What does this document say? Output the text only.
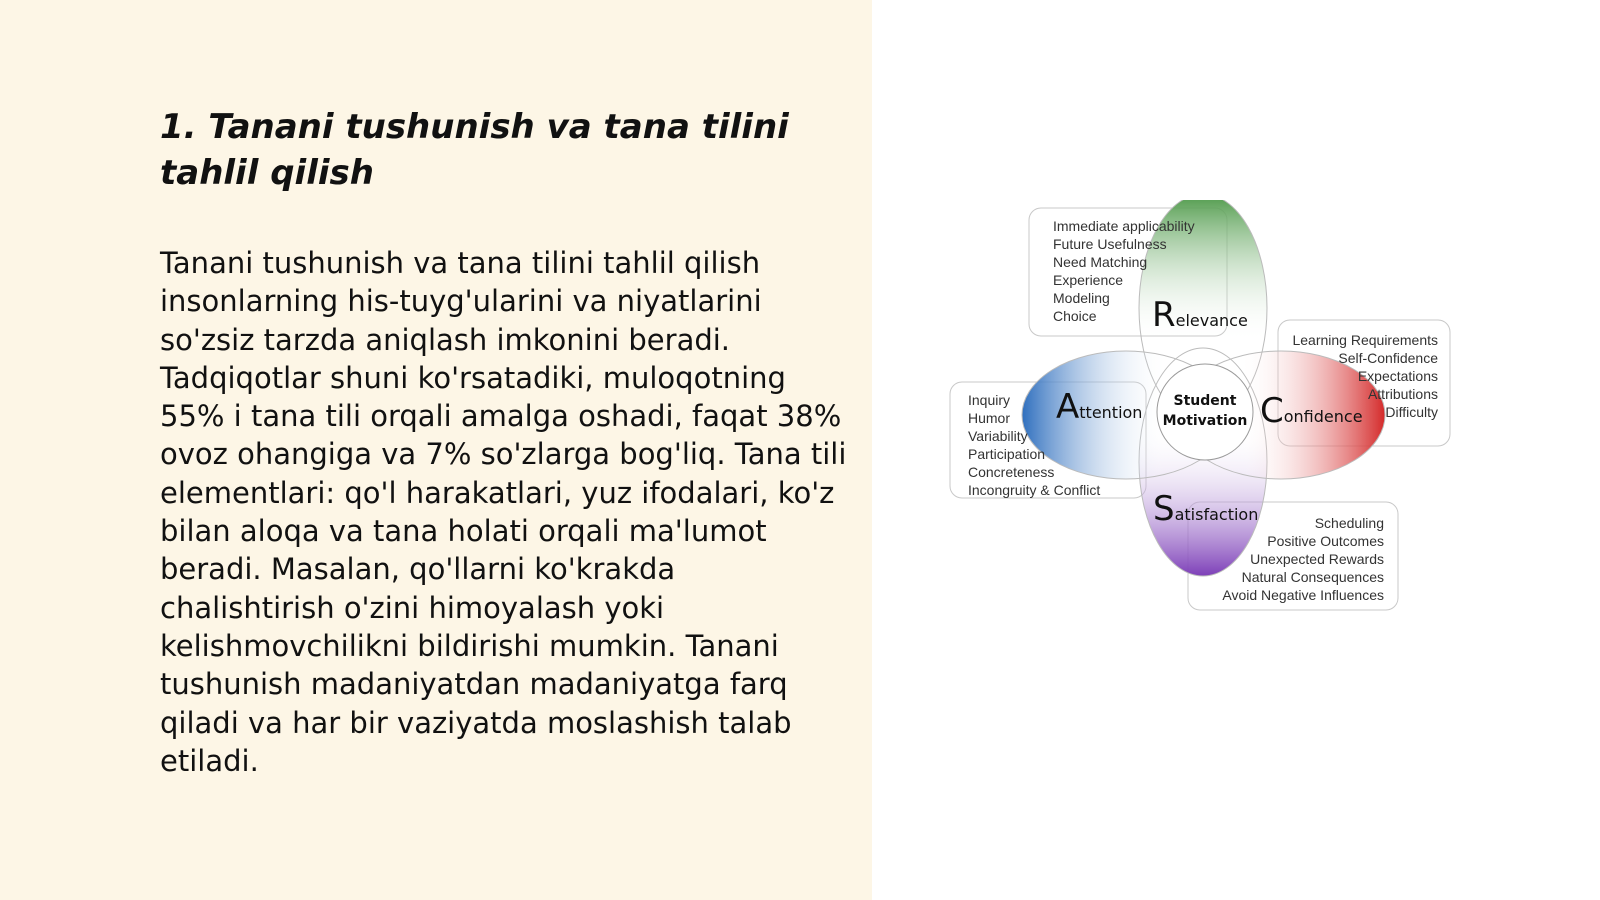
1. Tanani tushunish va tana tilini tahlil qilish

Tanani tushunish va tana tilini tahlil qilish insonlarning his-tuyg'ularini va niyatlarini so'zsiz tarzda aniqlash imkonini beradi. Tadqiqotlar shuni ko'rsatadiki, muloqotning 55% i tana tili orqali amalga oshadi, faqat 38% ovoz ohangiga va 7% so'zlarga bog'liq. Tana tili elementlari: qo'l harakatlari, yuz ifodalari, ko'z bilan aloqa va tana holati orqali ma'lumot beradi. Masalan, qo'llarni ko'krakda chalishtirish o'zini himoyalash yoki kelishmovchilikni bildirishi mumkin. Tanani tushunish madaniyatdan madaniyatga farq qiladi va har bir vaziyatda moslashish talab etiladi.

Student
Motivation
Relevance
Attention	Confidence
Satisfaction
Immediate applicability
Future Usefulness
Need Matching
Experience
Modeling
Choice
Learning Requirements
Self-Confidence
Expectations
Attributions
Difficulty
Inquiry
Humor
Variability
Participation
Concreteness
Incongruity & Conflict
Scheduling
Positive Outcomes
Unexpected Rewards
Natural Consequences
Avoid Negative Influences
